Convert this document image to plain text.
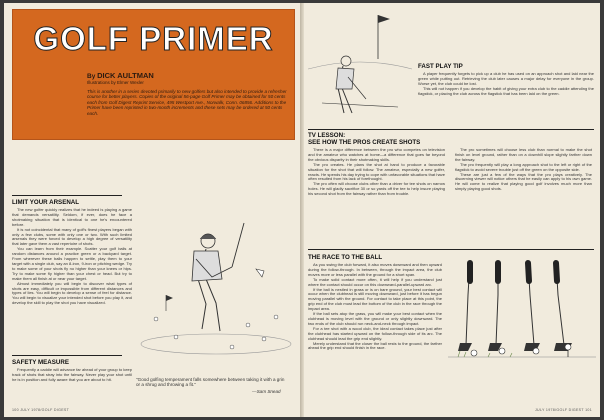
GOLF PRIMER
By DICK AULTMAN
Illustrations by Elmer Wexler
This is another in a series devoted primarily to new golfers but also intended to provide a refresher course for better players. Copies of the original 56-page Golf Primer may be obtained for 50 cents each from Golf Digest Reprint Service, 495 Westport Ave., Norwalk, Conn. 06856. Additions to the Primer have been reprinted in two-month increments and these sets may be ordered at 50 cents each.
LIMIT YOUR ARSENAL
The new golfer quickly realizes that he indeed is playing a game that demands versatility. Seldom, if ever, does he face a shotmaking situation that is identical to one he's encountered before.
It is not coincidental that many of golf's finest players began with only a few clubs, some with only one or two. With such limited arsenals they were forced to develop a high degree of versatility that later gave them a vast repertoire of shots.
You can learn from their example. Scatter your golf balls at random distances around a practice green or a backyard target. From wherever these balls happen to settle, play them to your target with a single club, say an 8-iron, 9-iron or pitching wedge. Try to make some of your shots fly no higher than your knees or hips. Try to make some fly higher than your chest or head. But try to make them all finish at or near your target.
Almost immediately you will begin to discover what types of shots are easy, difficult or impossible from different distances and types of lies. You will begin to develop a sense of feel for distance. You will begin to visualize your intended shot before you play it, and develop the skill to play the shot you have visualized.
SAFETY MEASURE
Frequently a caddie will advance far ahead of your group to keep track of shots that stray into the fairway. Never play your shot until he is in position and fully aware that you are about to hit.	"Good golfing temperament falls somewhere between taking it with a grin or a shrug and throwing a fit."
—Sam Snead
100 JULY 1978/GOLF DIGEST
FAST PLAY TIP
A player frequently forgets to pick up a club he has used on an approach shot and laid near the green while putting out. Retrieving the club later causes a major delay for everyone in the group. Worse yet, the club could be lost.
This will not happen if you develop the habit of giving your extra club to the caddie attending the flagstick, or placing the club across the flagstick that has been laid on the green.
TV LESSON:
SEE HOW THE PROS CREATE SHOTS
There is a major difference between the pro who competes on television and the amateur who watches at home—a difference that goes far beyond the obvious disparity in their shotmaking skills.
The pro creates. He plans the shot at hand to produce a favorable situation for the shot that will follow. The amateur, especially a new golfer, reacts. He spends his day trying to cope with unfavorable situations that have often resulted from his lack of forethought.
The pro often will choose clubs other than a driver for tee shots on narrow holes. He will gladly sacrifice 30 or so yards off the tee to help insure playing his second shot from the fairway rather than from trouble.
The pro sometimes will choose less club than normal to make the shot finish on level ground, rather than on a downhill slope slightly farther down the fairway.
The pro frequently will play a long approach shot to the left or right of the flagstick to avoid severe trouble just off the green on the opposite side.
These are just a few of the ways that the pro plays creatively. The discerning viewer will notice others that he easily can apply to his own game. He will come to realize that playing good golf involves much more than simply playing good shots.
THE RACE TO THE BALL
As you swing the club forward, it also moves downward and then upward during the follow-through. In between, through the impact area, the club moves more or less parallel with the ground for a short span.
To make solid contact more often, it will help if you understand just where the contact should occur on this downward-parallel-upward arc.
If the ball is nestled in grass or is on bare ground, your best contact will occur when the clubhead is still moving downward, just before it has begun moving parallel with the ground. For contact to take place at this point, the grip end of the club must lead the bottom of the club in the race through the impact area.
If the ball sets atop the grass, you will make your best contact when the clubhead is moving level with the ground or only slightly downward. The two ends of the club should run neck-and-neck through impact.
For a tee shot with a wood club, the ideal contact takes place just after the clubhead has started upward on the follow-through side of its arc. The clubhead should lead the grip end slightly.
Merely understand that the closer the ball rests to the ground, the farther ahead the grip end should finish in the race.
JULY 1978/GOLF DIGEST 101
